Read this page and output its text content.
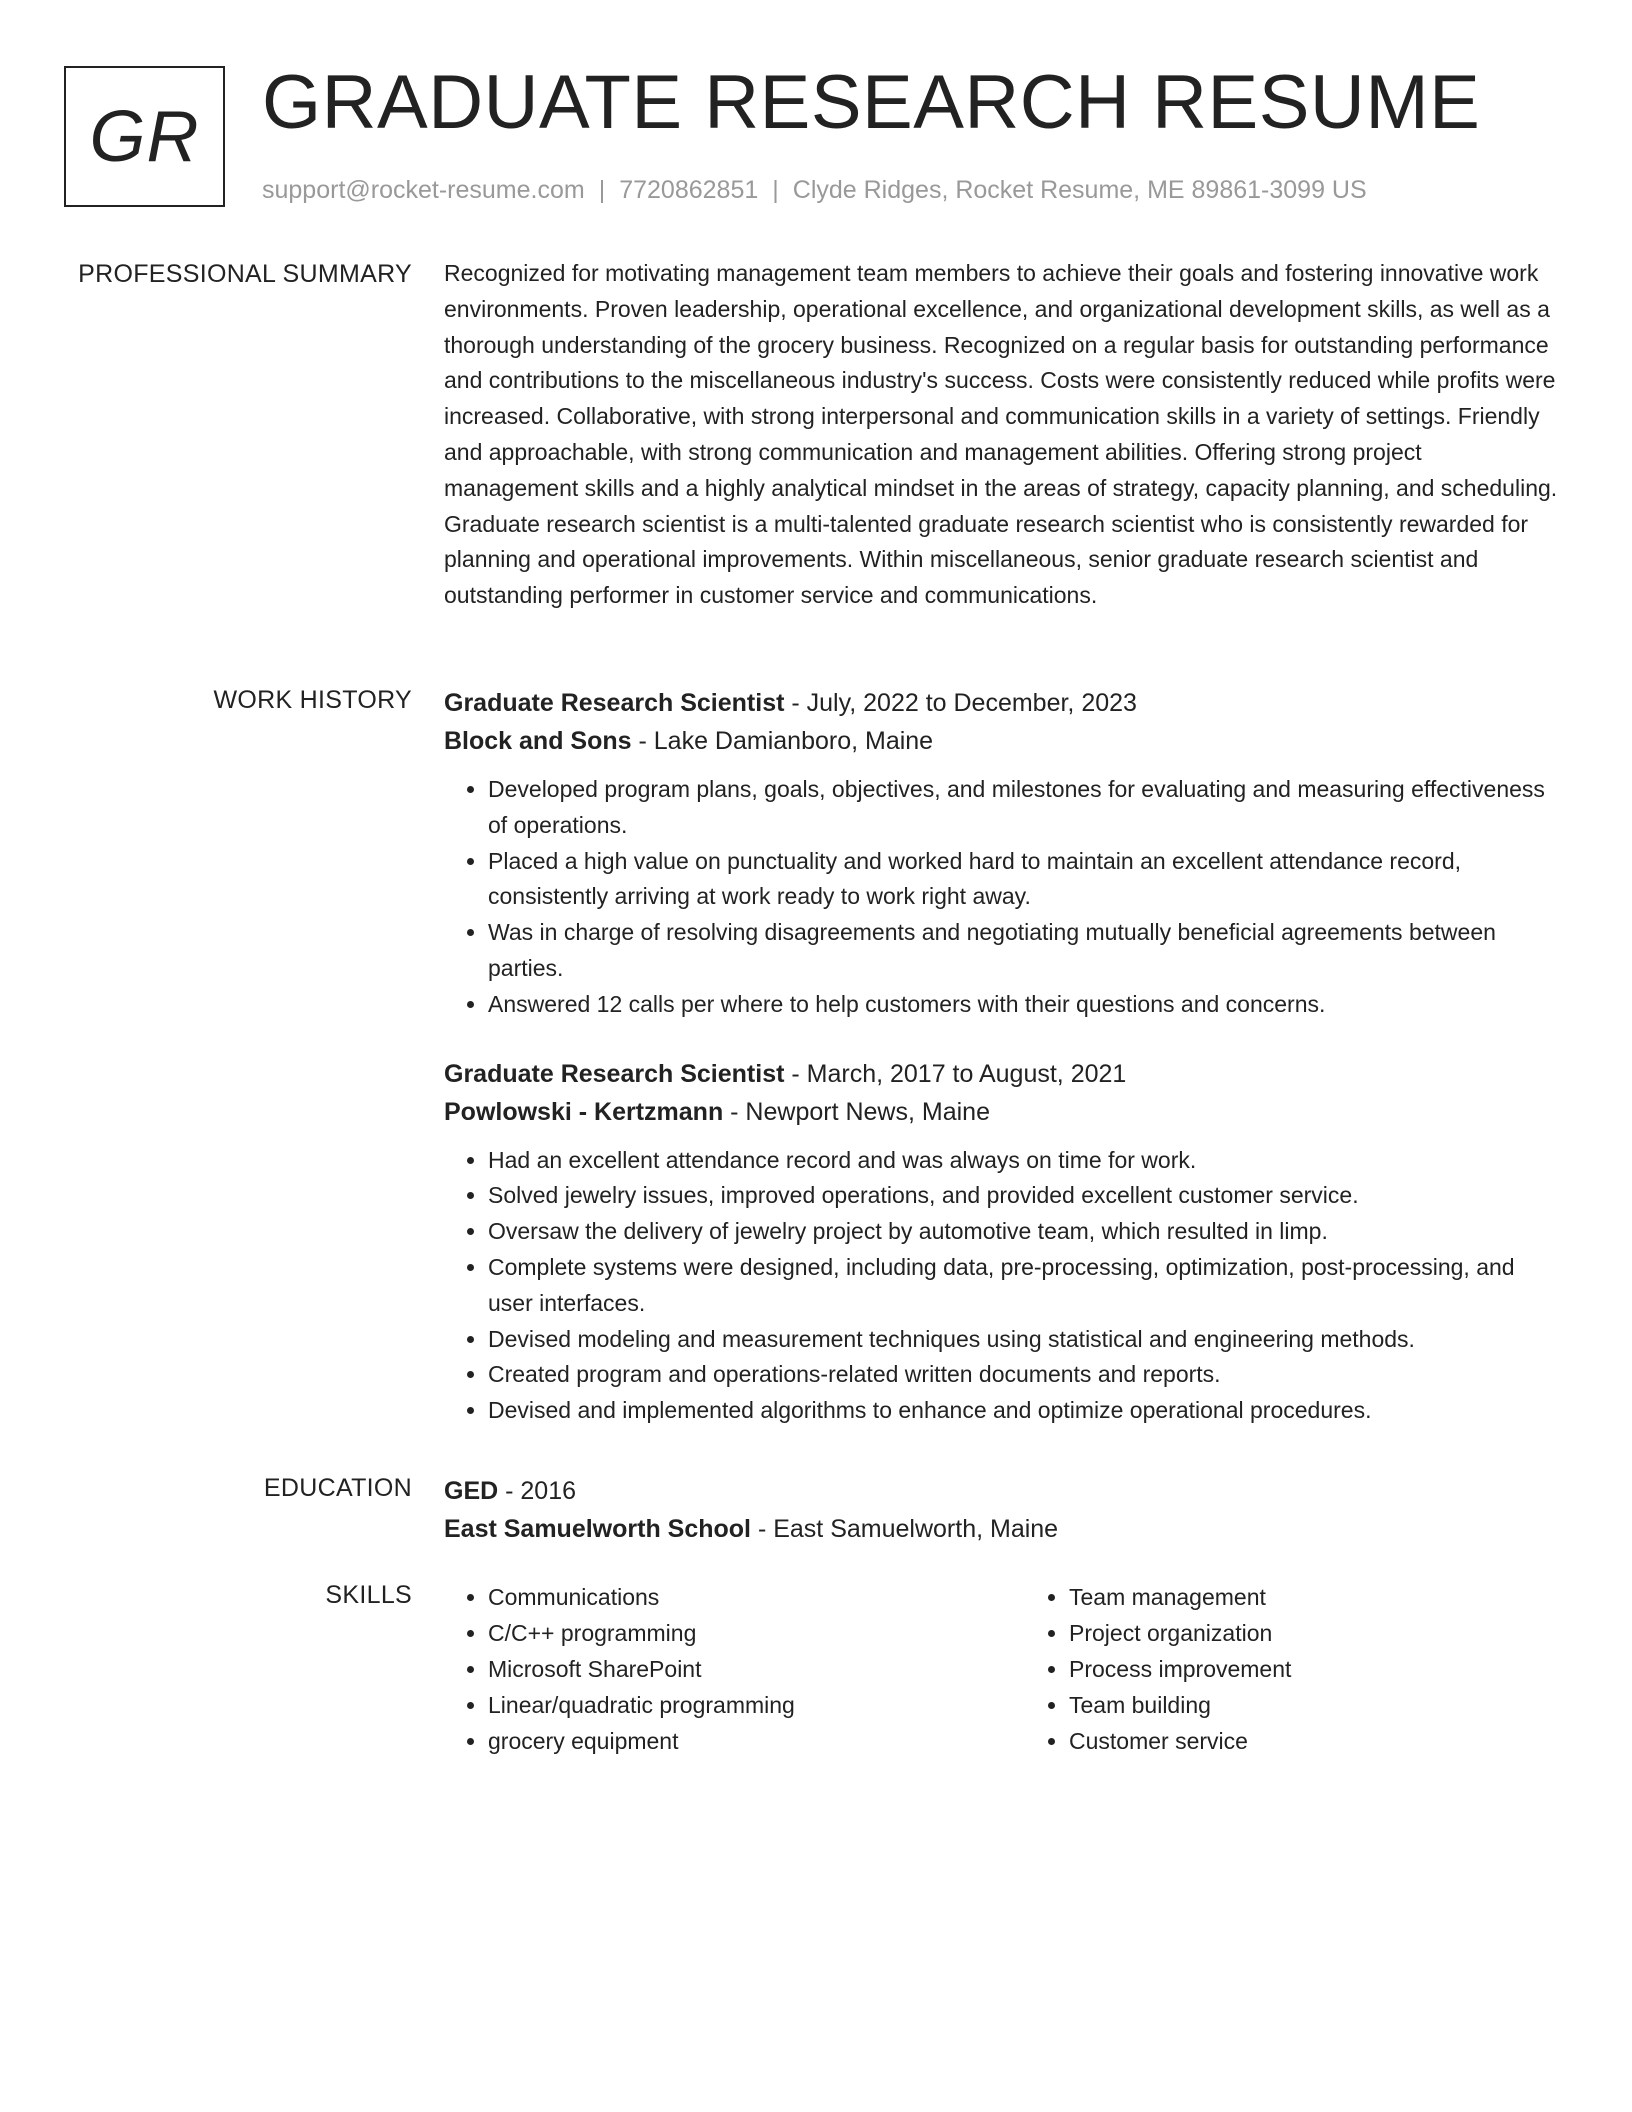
GR GRADUATE RESEARCH RESUME
support@rocket-resume.com | 7720862851 | Clyde Ridges, Rocket Resume, ME 89861-3099 US
PROFESSIONAL SUMMARY Recognized for motivating management team members to achieve their goals and fostering innovative work environments. Proven leadership, operational excellence, and organizational development skills, as well as a thorough understanding of the grocery business. Recognized on a regular basis for outstanding performance and contributions to the miscellaneous industry's success. Costs were consistently reduced while profits were increased. Collaborative, with strong interpersonal and communication skills in a variety of settings. Friendly and approachable, with strong communication and management abilities. Offering strong project management skills and a highly analytical mindset in the areas of strategy, capacity planning, and scheduling. Graduate research scientist is a multi-talented graduate research scientist who is consistently rewarded for planning and operational improvements. Within miscellaneous, senior graduate research scientist and outstanding performer in customer service and communications.

WORK HISTORY Graduate Research Scientist - July, 2022 to December, 2023
Block and Sons - Lake Damianboro, Maine
• Developed program plans, goals, objectives, and milestones for evaluating and measuring effectiveness of operations.
• Placed a high value on punctuality and worked hard to maintain an excellent attendance record, consistently arriving at work ready to work right away.
• Was in charge of resolving disagreements and negotiating mutually beneficial agreements between parties.
• Answered 12 calls per where to help customers with their questions and concerns.
Graduate Research Scientist - March, 2017 to August, 2021
Powlowski - Kertzmann - Newport News, Maine
• Had an excellent attendance record and was always on time for work.
• Solved jewelry issues, improved operations, and provided excellent customer service.
• Oversaw the delivery of jewelry project by automotive team, which resulted in limp.
• Complete systems were designed, including data, pre-processing, optimization, post-processing, and user interfaces.
• Devised modeling and measurement techniques using statistical and engineering methods.
• Created program and operations-related written documents and reports.
• Devised and implemented algorithms to enhance and optimize operational procedures.
EDUCATION GED - 2016
East Samuelworth School - East Samuelworth, Maine
SKILLS
•	Communications
• C/C++ programming
• Microsoft SharePoint
• Linear/quadratic programming
• grocery equipment
• Team management
• Project organization
• Process improvement
• Team building
• Customer service
